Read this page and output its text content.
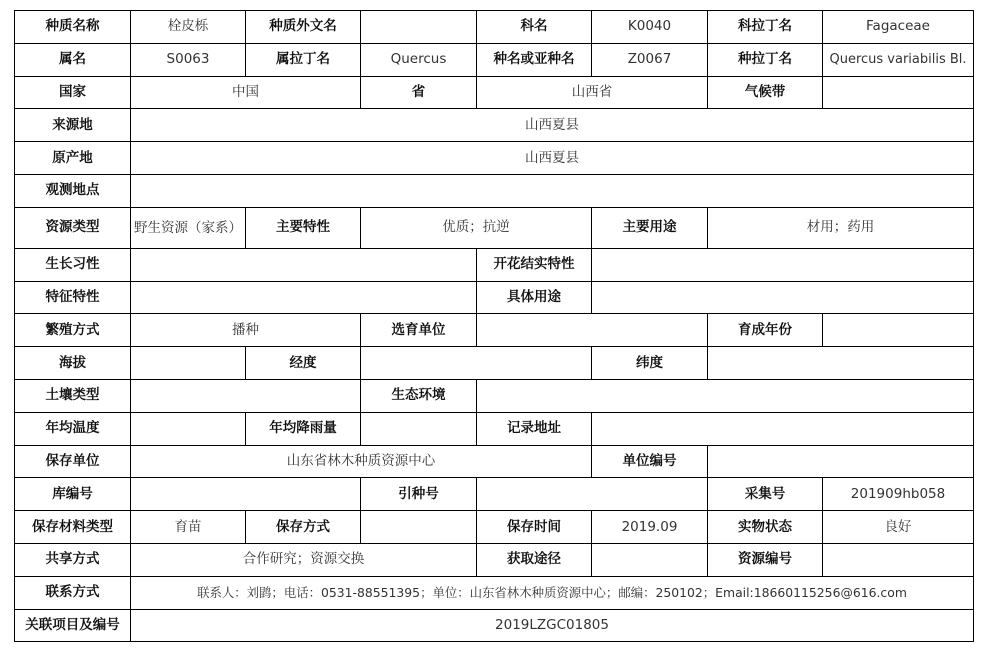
种质名称	栓皮栎	种质外文名		科名	K0040	科拉丁名	Fagaceae
属名	S0063	属拉丁名	Quercus	种名或亚种名	Z0067	种拉丁名	Quercus variabilis Bl.
国家	中国		省	山西省		气候带	
来源地	山西夏县						
原产地	山西夏县						
观测地点							
资源类型	野生资源（家系）	主要特性	优质；抗逆		主要用途	材用；药用	
生长习性				开花结实特性			
特征特性				具体用途			
繁殖方式	播种		选育单位			育成年份	
海拔		经度			纬度		
土壤类型			生态环境				
年均温度		年均降雨量		记录地址			
保存单位	山东省林木种质资源中心				单位编号		
库编号			引种号			采集号	201909hb058
保存材料类型	育苗	保存方式		保存时间	2019.09	实物状态	良好
共享方式	合作研究；资源交换			获取途径		资源编号	
联系方式	联系人：刘鹍；电话：0531-88551395；单位：山东省林木种质资源中心；邮编：250102；Email:18660115256@616.com						
关联项目及编号	2019LZGC01805						
